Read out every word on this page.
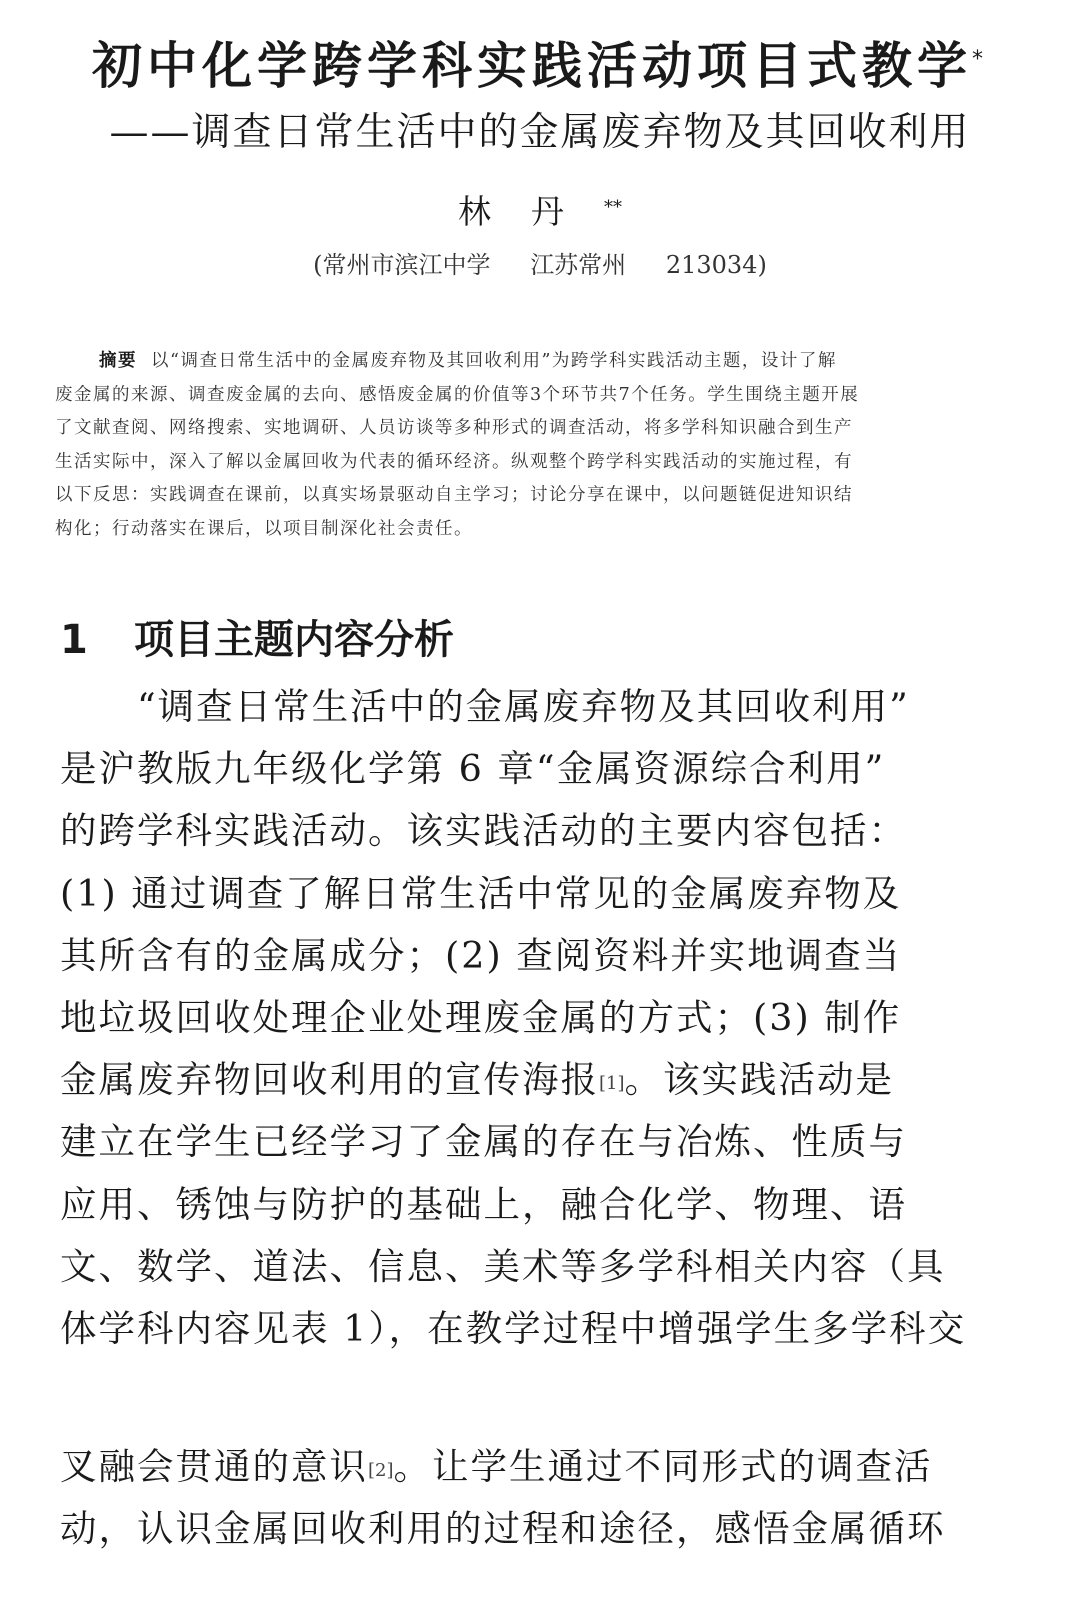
初中化学跨学科实践活动项目式教学*
——调查日常生活中的金属废弃物及其回收利用
林丹**
(常州市滨江中学 江苏常州 213034)
摘要 以“调查日常生活中的金属废弃物及其回收利用”为跨学科实践活动主题，设计了解
废金属的来源、调查废金属的去向、感悟废金属的价值等3个环节共7个任务。学生围绕主题开展
了文献查阅、网络搜索、实地调研、人员访谈等多种形式的调查活动，将多学科知识融合到生产
生活实际中，深入了解以金属回收为代表的循环经济。纵观整个跨学科实践活动的实施过程，有
以下反思：实践调查在课前，以真实场景驱动自主学习；讨论分享在课中，以问题链促进知识结
构化；行动落实在课后，以项目制深化社会责任。
1 项目主题内容分析
　　“调查日常生活中的金属废弃物及其回收利用”
是沪教版九年级化学第 6 章“金属资源综合利用”
的跨学科实践活动。该实践活动的主要内容包括：
(1) 通过调查了解日常生活中常见的金属废弃物及
其所含有的金属成分；(2) 查阅资料并实地调查当
地垃圾回收处理企业处理废金属的方式；(3) 制作
金属废弃物回收利用的宣传海报[1]。该实践活动是
建立在学生已经学习了金属的存在与冶炼、性质与
应用、锈蚀与防护的基础上，融合化学、物理、语
文、数学、道法、信息、美术等多学科相关内容（具
体学科内容见表 1），在教学过程中增强学生多学科交
叉融会贯通的意识[2]。让学生通过不同形式的调查活
动，认识金属回收利用的过程和途径，感悟金属循环
